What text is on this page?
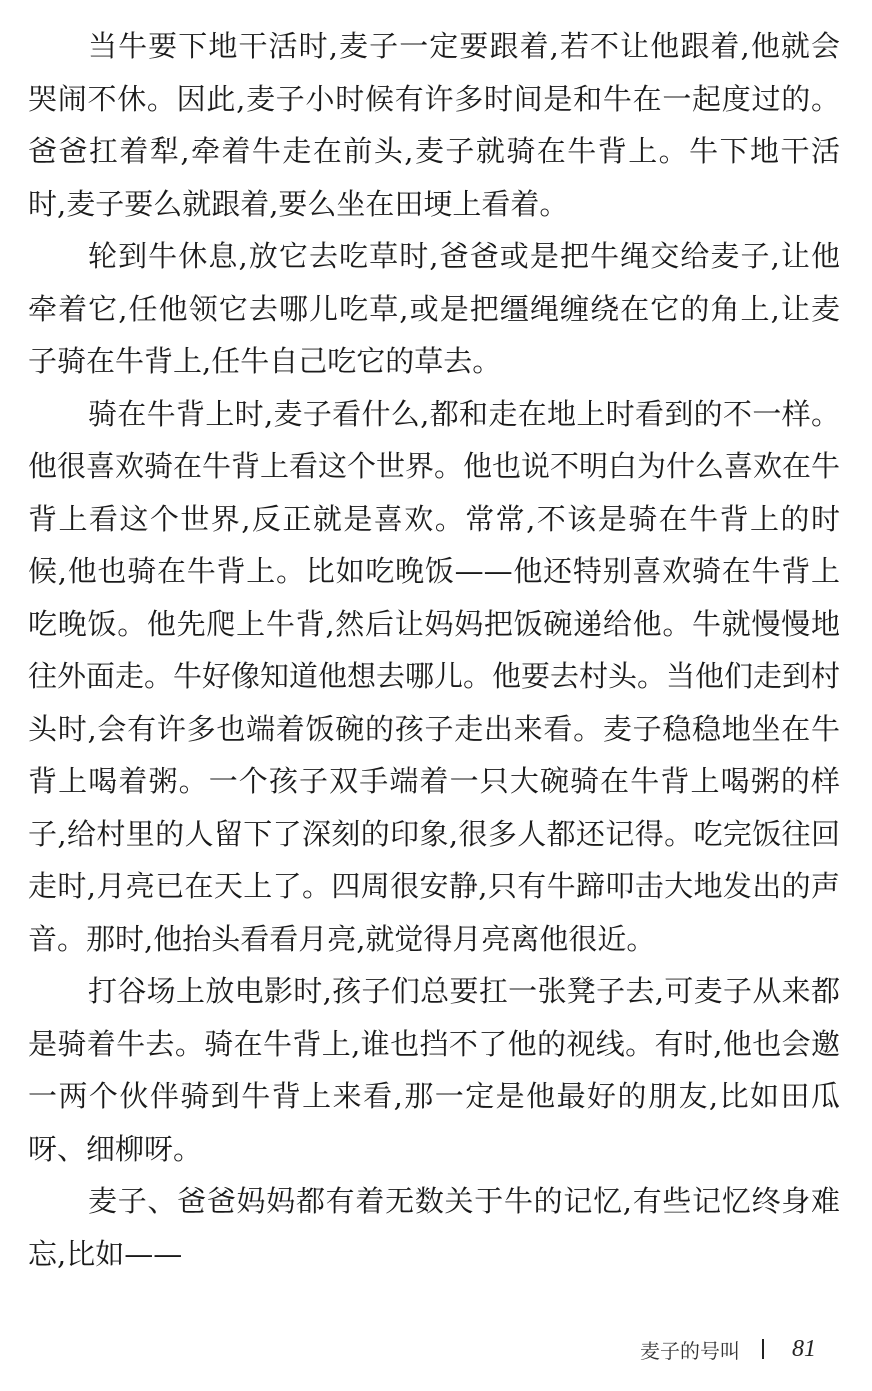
当牛要下地干活时,麦子一定要跟着,若不让他跟着,他就会
哭闹不休。因此,麦子小时候有许多时间是和牛在一起度过的。
爸爸扛着犁,牵着牛走在前头,麦子就骑在牛背上。牛下地干活
时,麦子要么就跟着,要么坐在田埂上看着。
轮到牛休息,放它去吃草时,爸爸或是把牛绳交给麦子,让他
牵着它,任他领它去哪儿吃草,或是把缰绳缠绕在它的角上,让麦
子骑在牛背上,任牛自己吃它的草去。
骑在牛背上时,麦子看什么,都和走在地上时看到的不一样。
他很喜欢骑在牛背上看这个世界。他也说不明白为什么喜欢在牛
背上看这个世界,反正就是喜欢。常常,不该是骑在牛背上的时
候,他也骑在牛背上。比如吃晚饭——他还特别喜欢骑在牛背上
吃晚饭。他先爬上牛背,然后让妈妈把饭碗递给他。牛就慢慢地
往外面走。牛好像知道他想去哪儿。他要去村头。当他们走到村
头时,会有许多也端着饭碗的孩子走出来看。麦子稳稳地坐在牛
背上喝着粥。一个孩子双手端着一只大碗骑在牛背上喝粥的样
子,给村里的人留下了深刻的印象,很多人都还记得。吃完饭往回
走时,月亮已在天上了。四周很安静,只有牛蹄叩击大地发出的声
音。那时,他抬头看看月亮,就觉得月亮离他很近。
打谷场上放电影时,孩子们总要扛一张凳子去,可麦子从来都
是骑着牛去。骑在牛背上,谁也挡不了他的视线。有时,他也会邀
一两个伙伴骑到牛背上来看,那一定是他最好的朋友,比如田瓜
呀、细柳呀。
麦子、爸爸妈妈都有着无数关于牛的记忆,有些记忆终身难
忘,比如——
麦子的号叫 81
